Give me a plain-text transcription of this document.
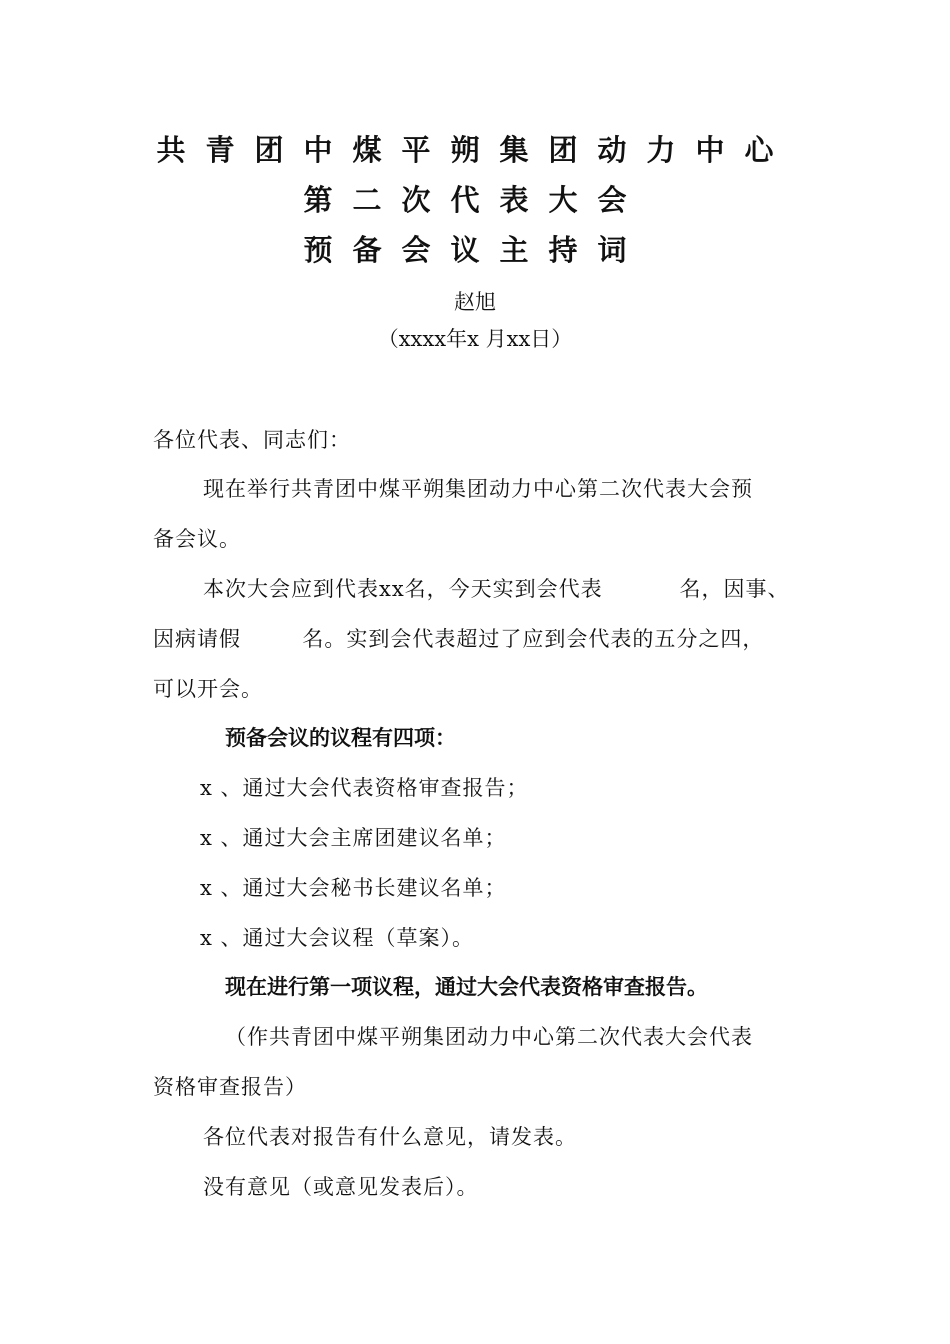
共青团中煤平朔集团动力中心
第二次代表大会
预备会议主持词
赵旭
（xxxx年x 月xx日）
各位代表、同志们：
现在举行共青团中煤平朔集团动力中心第二次代表大会预
备会议。
本次大会应到代表xx名，今天实到会代表          名，因事、
因病请假        名。实到会代表超过了应到会代表的五分之四，
可以开会。
预备会议的议程有四项：
x 、通过大会代表资格审查报告；
x 、通过大会主席团建议名单；
x 、通过大会秘书长建议名单；
x 、通过大会议程（草案）。
现在进行第一项议程，通过大会代表资格审查报告。
（作共青团中煤平朔集团动力中心第二次代表大会代表
资格审查报告）
各位代表对报告有什么意见，请发表。
没有意见（或意见发表后）。
